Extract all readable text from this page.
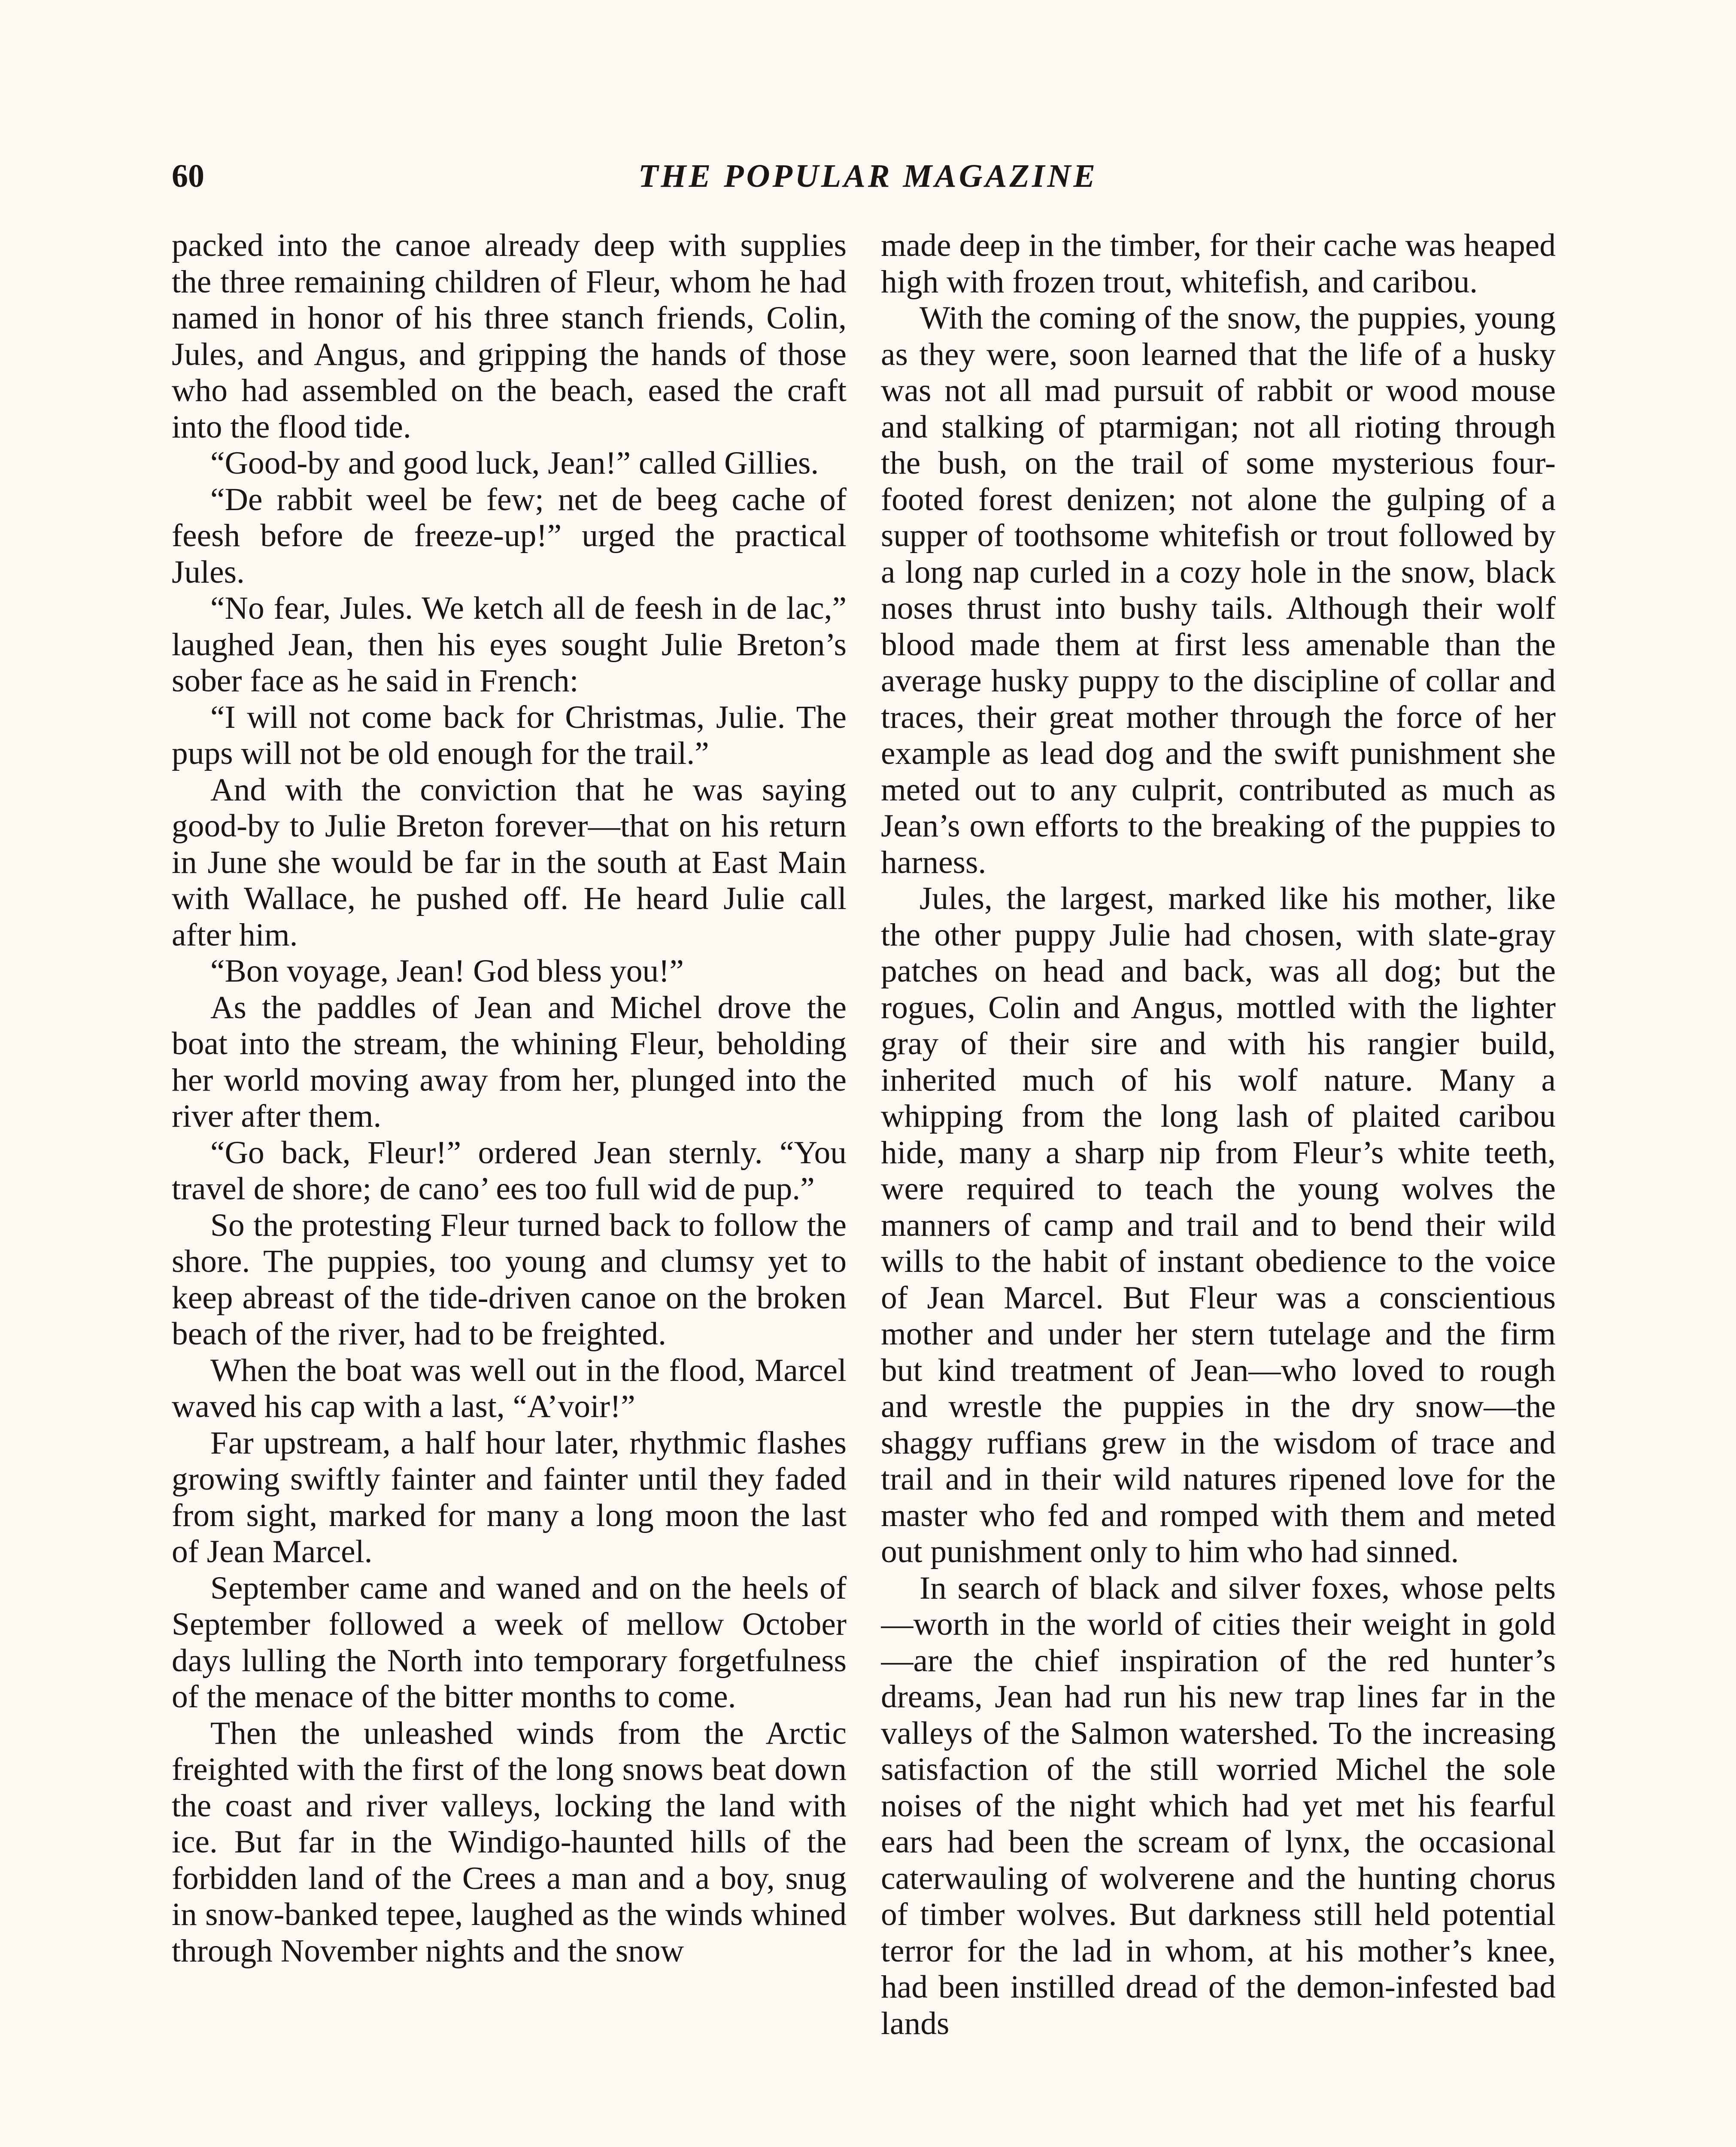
60	THE POPULAR MAGAZINE

packed into the canoe already deep with supplies the three remaining children of Fleur, whom he had named in honor of his three stanch friends, Colin, Jules, and Angus, and gripping the hands of those who had assembled on the beach, eased the craft into the flood tide.

“Good-by and good luck, Jean!” called Gillies.

“De rabbit weel be few; net de beeg cache of feesh before de freeze-up!” urged the practical Jules.

“No fear, Jules. We ketch all de feesh in de lac,” laughed Jean, then his eyes sought Julie Breton’s sober face as he said in French:

“I will not come back for Christmas, Julie. The pups will not be old enough for the trail.”

And with the conviction that he was saying good-by to Julie Breton forever—that on his return in June she would be far in the south at East Main with Wallace, he pushed off. He heard Julie call after him.

“Bon voyage, Jean! God bless you!”

As the paddles of Jean and Michel drove the boat into the stream, the whining Fleur, beholding her world moving away from her, plunged into the river after them.

“Go back, Fleur!” ordered Jean sternly. “You travel de shore; de cano’ ees too full wid de pup.”

So the protesting Fleur turned back to follow the shore. The puppies, too young and clumsy yet to keep abreast of the tide-driven canoe on the broken beach of the river, had to be freighted.

When the boat was well out in the flood, Marcel waved his cap with a last, “A’voir!”

Far upstream, a half hour later, rhythmic flashes growing swiftly fainter and fainter until they faded from sight, marked for many a long moon the last of Jean Marcel.

September came and waned and on the heels of September followed a week of mellow October days lulling the North into temporary forgetfulness of the menace of the bitter months to come.

Then the unleashed winds from the Arctic freighted with the first of the long snows beat down the coast and river valleys, locking the land with ice. But far in the Windigo-haunted hills of the forbidden land of the Crees a man and a boy, snug in snow-banked tepee, laughed as the winds whined through November nights and the snow

made deep in the timber, for their cache was heaped high with frozen trout, whitefish, and caribou.

With the coming of the snow, the puppies, young as they were, soon learned that the life of a husky was not all mad pursuit of rabbit or wood mouse and stalking of ptarmigan; not all rioting through the bush, on the trail of some mysterious four-footed forest denizen; not alone the gulping of a supper of toothsome whitefish or trout followed by a long nap curled in a cozy hole in the snow, black noses thrust into bushy tails. Although their wolf blood made them at first less amenable than the average husky puppy to the discipline of collar and traces, their great mother through the force of her example as lead dog and the swift punishment she meted out to any culprit, contributed as much as Jean’s own efforts to the breaking of the puppies to harness.

Jules, the largest, marked like his mother, like the other puppy Julie had chosen, with slate-gray patches on head and back, was all dog; but the rogues, Colin and Angus, mottled with the lighter gray of their sire and with his rangier build, inherited much of his wolf nature. Many a whipping from the long lash of plaited caribou hide, many a sharp nip from Fleur’s white teeth, were required to teach the young wolves the manners of camp and trail and to bend their wild wills to the habit of instant obedience to the voice of Jean Marcel. But Fleur was a conscientious mother and under her stern tutelage and the firm but kind treatment of Jean—who loved to rough and wrestle the puppies in the dry snow—the shaggy ruffians grew in the wisdom of trace and trail and in their wild natures ripened love for the master who fed and romped with them and meted out punishment only to him who had sinned.

In search of black and silver foxes, whose pelts—worth in the world of cities their weight in gold—are the chief inspiration of the red hunter’s dreams, Jean had run his new trap lines far in the valleys of the Salmon watershed. To the increasing satisfaction of the still worried Michel the sole noises of the night which had yet met his fearful ears had been the scream of lynx, the occasional caterwauling of wolverene and the hunting chorus of timber wolves. But darkness still held potential terror for the lad in whom, at his mother’s knee, had been instilled dread of the demon-infested bad lands
